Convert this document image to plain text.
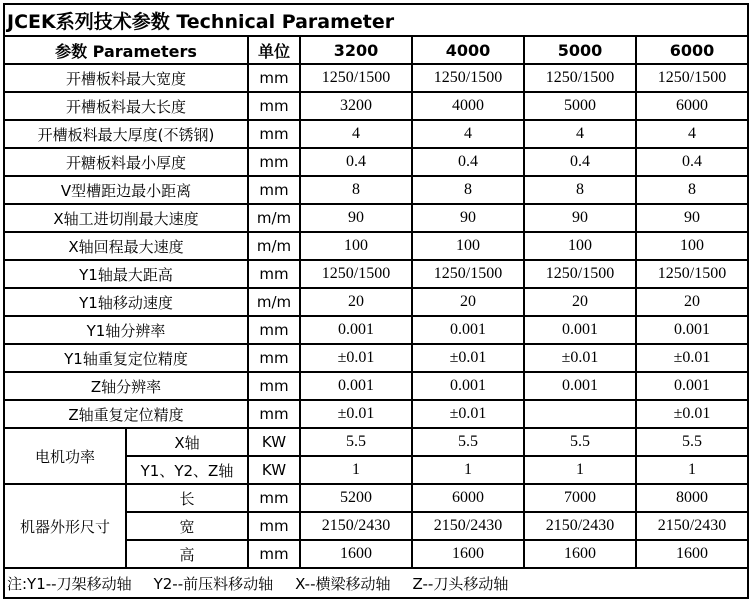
JCEK系列技术参数 Technical Parameter						
参数 Parameters		单位	3200	4000	5000	6000
开槽板料最大宽度		mm	1250/1500	1250/1500	1250/1500	1250/1500
开槽板料最大长度		mm	3200	4000	5000	6000
开槽板料最大厚度(不锈钢)		mm	4	4	4	4
开糖板料最小厚度		mm	0.4	0.4	0.4	0.4
V型槽距边最小距离		mm	8	8	8	8
X轴工进切削最大速度		m/m	90	90	90	90
X轴回程最大速度		m/m	100	100	100	100
Y1轴最大距高		mm	1250/1500	1250/1500	1250/1500	1250/1500
Y1轴移动速度		m/m	20	20	20	20
Y1轴分辨率		mm	0.001	0.001	0.001	0.001
Y1轴重复定位精度		mm	±0.01	±0.01	±0.01	±0.01
Z轴分辨率		mm	0.001	0.001	0.001	0.001
Z轴重复定位精度		mm	±0.01	±0.01		±0.01
电机功率	X轴	KW	5.5	5.5	5.5	5.5
	Y1、Y2、Z轴	KW	1	1	1	1
机器外形尺寸	长	mm	5200	6000	7000	8000
	宽	mm	2150/2430	2150/2430	2150/2430	2150/2430
	高	mm	1600	1600	1600	1600
注:Y1--刀架移动轴 Y2--前压料移动轴 X--横梁移动轴 Z--刀头移动轴						
